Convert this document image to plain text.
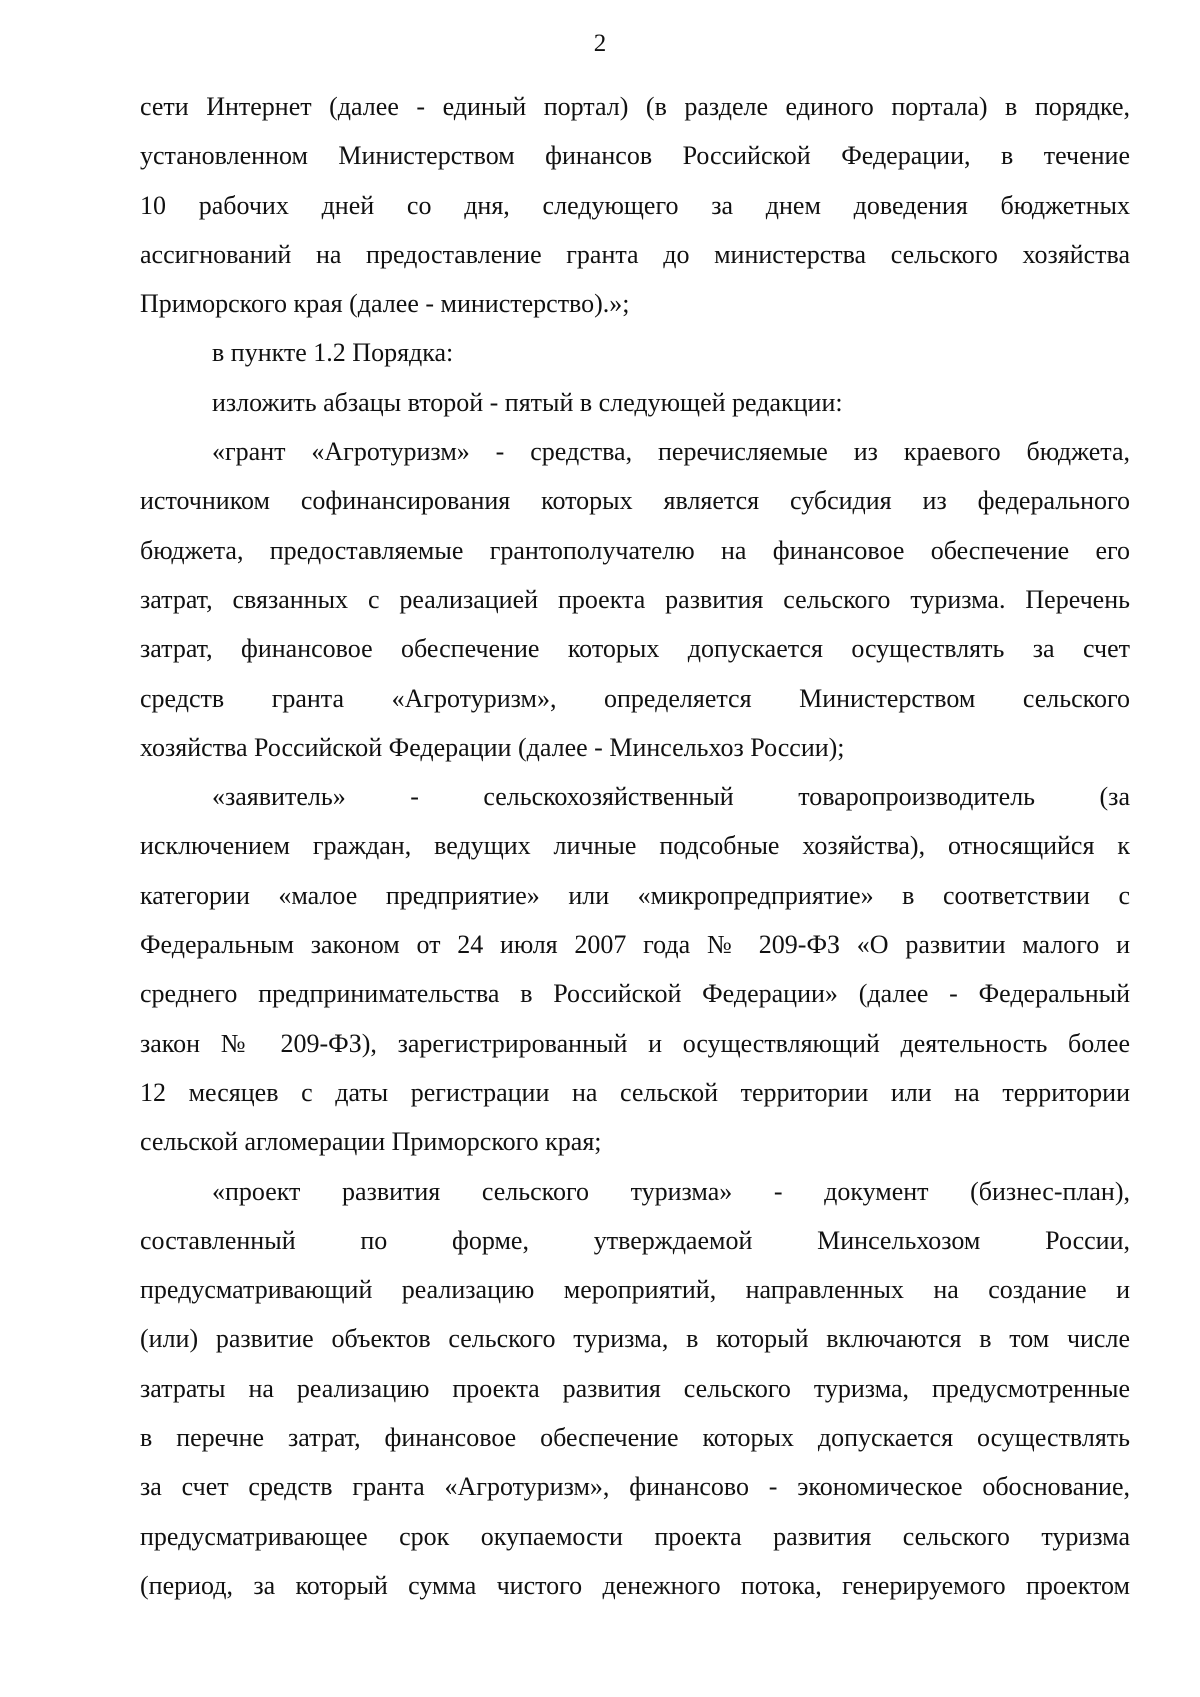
2
сети Интернет (далее - единый портал) (в разделе единого портала) в порядке,
установленном Министерством финансов Российской Федерации, в течение
10 рабочих дней со дня, следующего за днем доведения бюджетных
ассигнований на предоставление гранта до министерства сельского хозяйства
Приморского края (далее - министерство).»;
в пункте 1.2 Порядка:
изложить абзацы второй - пятый в следующей редакции:
«грант «Агротуризм» - средства, перечисляемые из краевого бюджета,
источником софинансирования которых является субсидия из федерального
бюджета, предоставляемые грантополучателю на финансовое обеспечение его
затрат, связанных с реализацией проекта развития сельского туризма. Перечень
затрат, финансовое обеспечение которых допускается осуществлять за счет
средств гранта «Агротуризм», определяется Министерством сельского
хозяйства Российской Федерации (далее - Минсельхоз России);
«заявитель» - сельскохозяйственный товаропроизводитель (за
исключением граждан, ведущих личные подсобные хозяйства), относящийся к
категории «малое предприятие» или «микропредприятие» в соответствии с
Федеральным законом от 24 июля 2007 года № 209-ФЗ «О развитии малого и
среднего предпринимательства в Российской Федерации» (далее - Федеральный
закон № 209-ФЗ), зарегистрированный и осуществляющий деятельность более
12 месяцев с даты регистрации на сельской территории или на территории
сельской агломерации Приморского края;
«проект развития сельского туризма» - документ (бизнес-план),
составленный по форме, утверждаемой Минсельхозом России,
предусматривающий реализацию мероприятий, направленных на создание и
(или) развитие объектов сельского туризма, в который включаются в том числе
затраты на реализацию проекта развития сельского туризма, предусмотренные
в перечне затрат, финансовое обеспечение которых допускается осуществлять
за счет средств гранта «Агротуризм», финансово - экономическое обоснование,
предусматривающее срок окупаемости проекта развития сельского туризма
(период, за который сумма чистого денежного потока, генерируемого проектом
